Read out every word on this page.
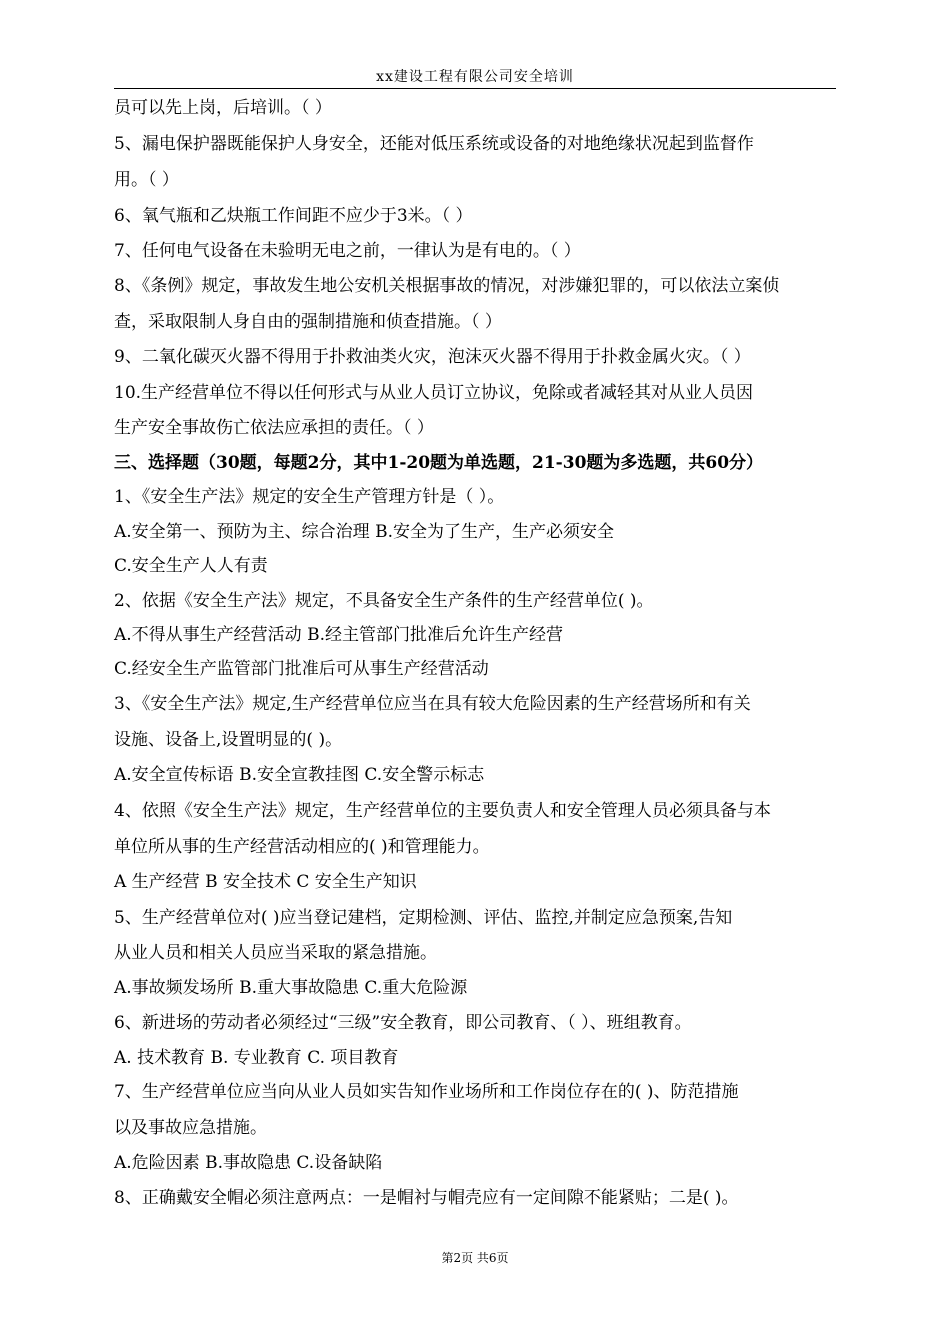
xx建设工程有限公司安全培训
员可以先上岗，后培训。（ ）
5、漏电保护器既能保护人身安全，还能对低压系统或设备的对地绝缘状况起到监督作
用。（ ）
6、氧气瓶和乙炔瓶工作间距不应少于3米。（ ）
7、任何电气设备在未验明无电之前，一律认为是有电的。（ ）
8、《条例》规定，事故发生地公安机关根据事故的情况，对涉嫌犯罪的，可以依法立案侦
查，采取限制人身自由的强制措施和侦查措施。（ ）
9、二氧化碳灭火器不得用于扑救油类火灾，泡沫灭火器不得用于扑救金属火灾。（ ）
10.生产经营单位不得以任何形式与从业人员订立协议，免除或者减轻其对从业人员因
生产安全事故伤亡依法应承担的责任。（ ）
三、选择题（30题，每题2分，其中1-20题为单选题，21-30题为多选题，共60分）
1、《安全生产法》规定的安全生产管理方针是（ ）。
A.安全第一、预防为主、综合治理 B.安全为了生产，生产必须安全
C.安全生产人人有责
2、依据《安全生产法》规定，不具备安全生产条件的生产经营单位( )。
A.不得从事生产经营活动 B.经主管部门批准后允许生产经营
C.经安全生产监管部门批准后可从事生产经营活动
3、《安全生产法》规定,生产经营单位应当在具有较大危险因素的生产经营场所和有关
设施、设备上,设置明显的( )。
A.安全宣传标语 B.安全宣教挂图 C.安全警示标志
4、依照《安全生产法》规定，生产经营单位的主要负责人和安全管理人员必须具备与本
单位所从事的生产经营活动相应的( )和管理能力。
A 生产经营 B 安全技术 C 安全生产知识
5、生产经营单位对( )应当登记建档，定期检测、评估、监控,并制定应急预案,告知
从业人员和相关人员应当采取的紧急措施。
A.事故频发场所 B.重大事故隐患 C.重大危险源
6、新进场的劳动者必须经过“三级”安全教育，即公司教育、（ ）、班组教育。
A. 技术教育 B. 专业教育 C. 项目教育
7、生产经营单位应当向从业人员如实告知作业场所和工作岗位存在的( )、防范措施
以及事故应急措施。
A.危险因素 B.事故隐患 C.设备缺陷
8、正确戴安全帽必须注意两点：一是帽衬与帽壳应有一定间隙不能紧贴；二是( )。
第2页 共6页
